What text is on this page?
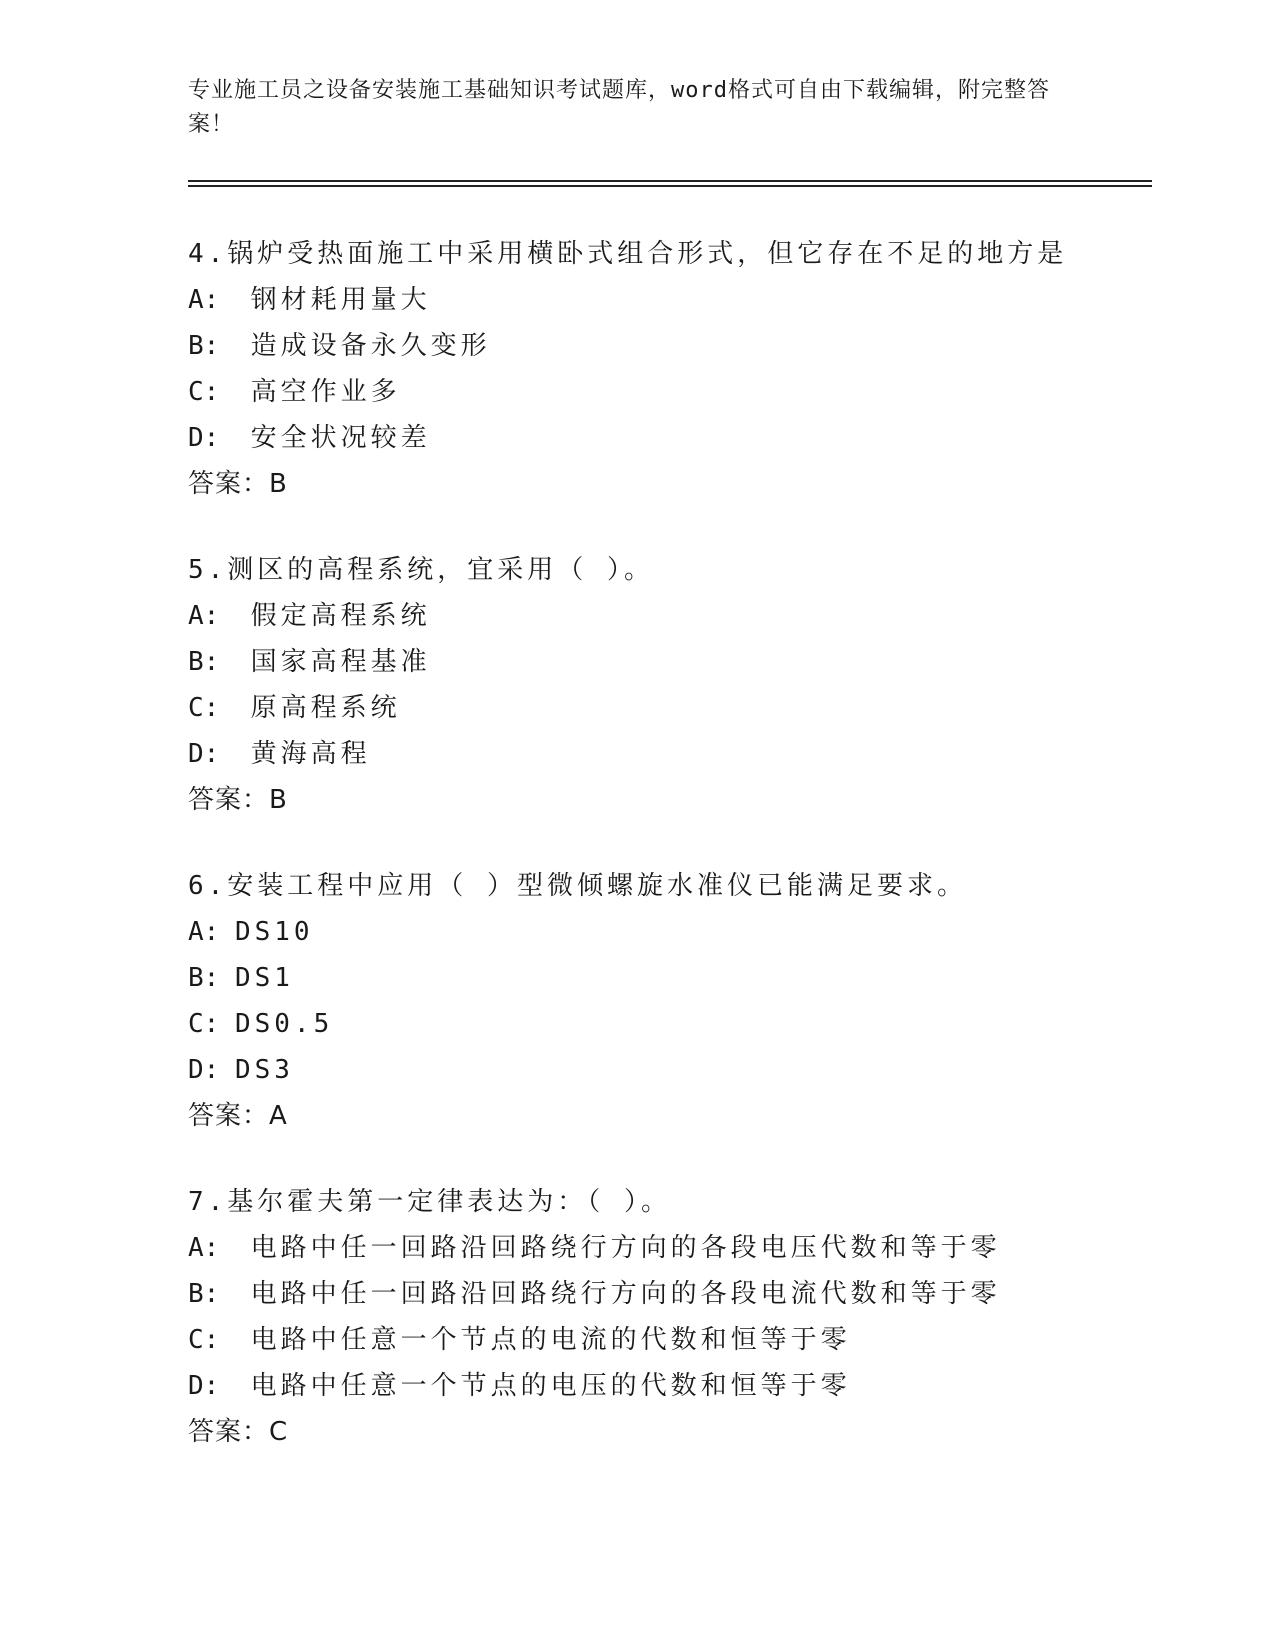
专业施工员之设备安装施工基础知识考试题库，word格式可自由下载编辑，附完整答案！
4.锅炉受热面施工中采用横卧式组合形式，但它存在不足的地方是
A:  钢材耗用量大
B:  造成设备永久变形
C:  高空作业多
D:  安全状况较差
答案：B
5.测区的高程系统，宜采用（ ）。
A:  假定高程系统
B:  国家高程基准
C:  原高程系统
D:  黄海高程
答案：B
6.安装工程中应用（ ）型微倾螺旋水准仪已能满足要求。
A: DS10
B: DS1
C: DS0.5
D: DS3
答案：A
7.基尔霍夫第一定律表达为：（ ）。
A:  电路中任一回路沿回路绕行方向的各段电压代数和等于零
B:  电路中任一回路沿回路绕行方向的各段电流代数和等于零
C:  电路中任意一个节点的电流的代数和恒等于零
D:  电路中任意一个节点的电压的代数和恒等于零
答案：C
